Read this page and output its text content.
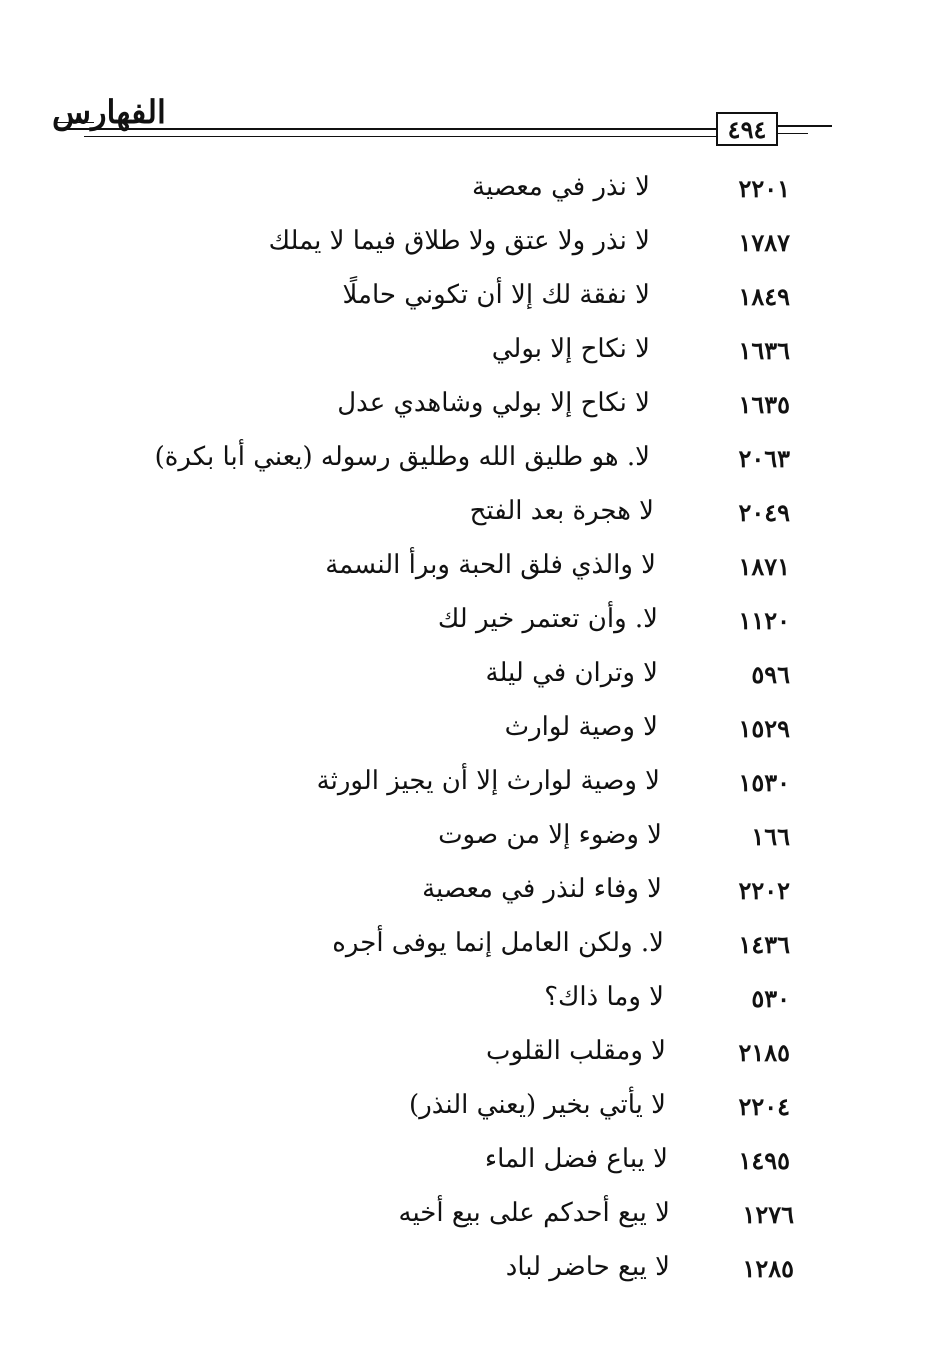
الفهارس	٤٩٤
٢٢٠١
لا نذر في معصية
١٧٨٧
لا نذر ولا عتق ولا طلاق فيما لا يملك
١٨٤٩
لا نفقة لك إلا أن تكوني حاملًا
١٦٣٦
لا نكاح إلا بولي
١٦٣٥
لا نكاح إلا بولي وشاهدي عدل
٢٠٦٣
لا. هو طليق الله وطليق رسوله (يعني أبا بكرة)
٢٠٤٩
لا هجرة بعد الفتح
١٨٧١
لا والذي فلق الحبة وبرأ النسمة
١١٢٠
لا. وأن تعتمر خير لك
٥٩٦
لا وتران في ليلة
١٥٢٩
لا وصية لوارث
١٥٣٠
لا وصية لوارث إلا أن يجيز الورثة
١٦٦
لا وضوء إلا من صوت
٢٢٠٢
لا وفاء لنذر في معصية
١٤٣٦
لا. ولكن العامل إنما يوفى أجره
٥٣٠
لا وما ذاك؟
٢١٨٥
لا ومقلب القلوب
٢٢٠٤
لا يأتي بخير (يعني النذر)
١٤٩٥
لا يباع فضل الماء
١٢٧٦
لا يبع أحدكم على بيع أخيه
١٢٨٥
لا يبع حاضر لباد
